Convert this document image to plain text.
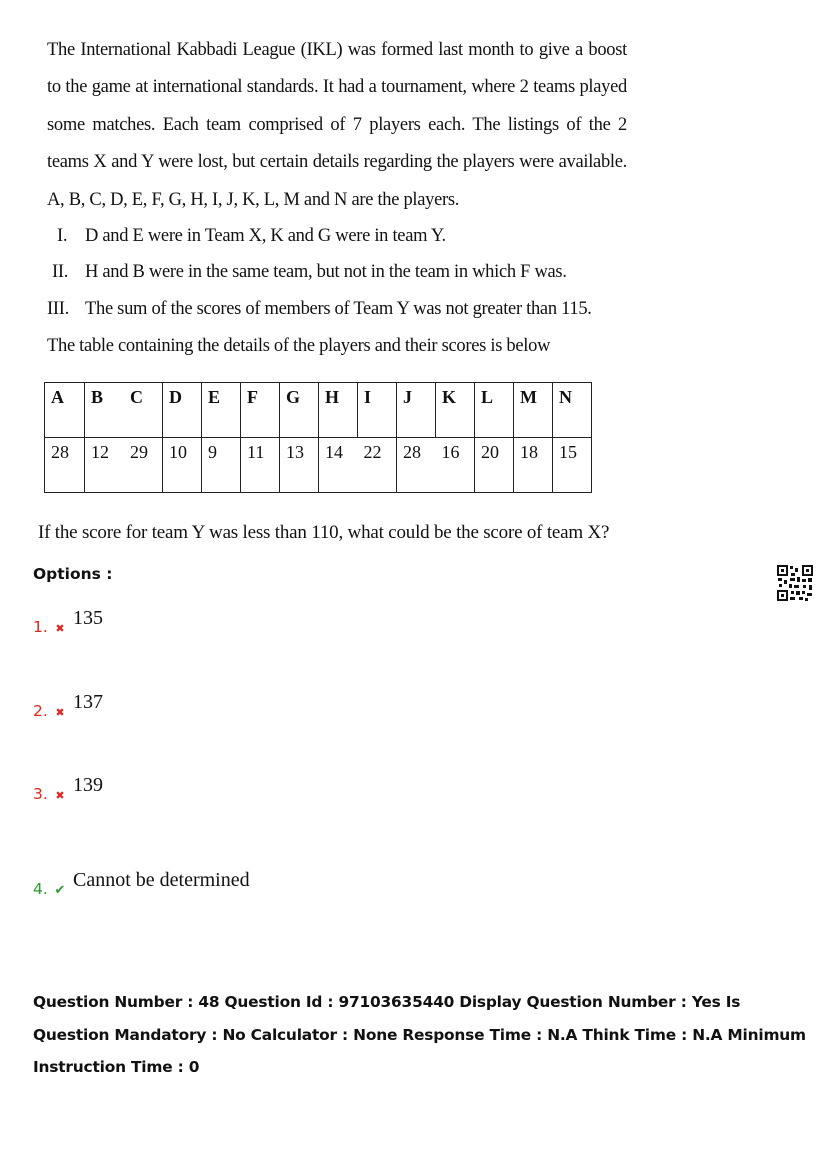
The International Kabbadi League (IKL) was formed last month to give a boost to the game at international standards. It had a tournament, where 2 teams played some matches. Each team comprised of 7 players each. The listings of the 2 teams X and Y were lost, but certain details regarding the players were available. A, B, C, D, E, F, G, H, I, J, K, L, M and N are the players.

I. D and E were in Team X, K and G were in team Y.
II. H and B were in the same team, but not in the team in which F was.
III. The sum of the scores of members of Team Y was not greater than 115.
The table containing the details of the players and their scores is below
A	B	C	D	E	F	G	H	I	J	K	L	M	N
28	12	29	10	9	11	13	14	22	28	16	20	18	15
If the score for team Y was less than 110, what could be the score of team X?
Options :
1. ✖ 135
2. ✖ 137
3. ✖ 139
4. ✔ Cannot be determined
Question Number : 48 Question Id : 97103635440 Display Question Number : Yes Is Question Mandatory : No Calculator : None Response Time : N.A Think Time : N.A Minimum Instruction Time : 0
